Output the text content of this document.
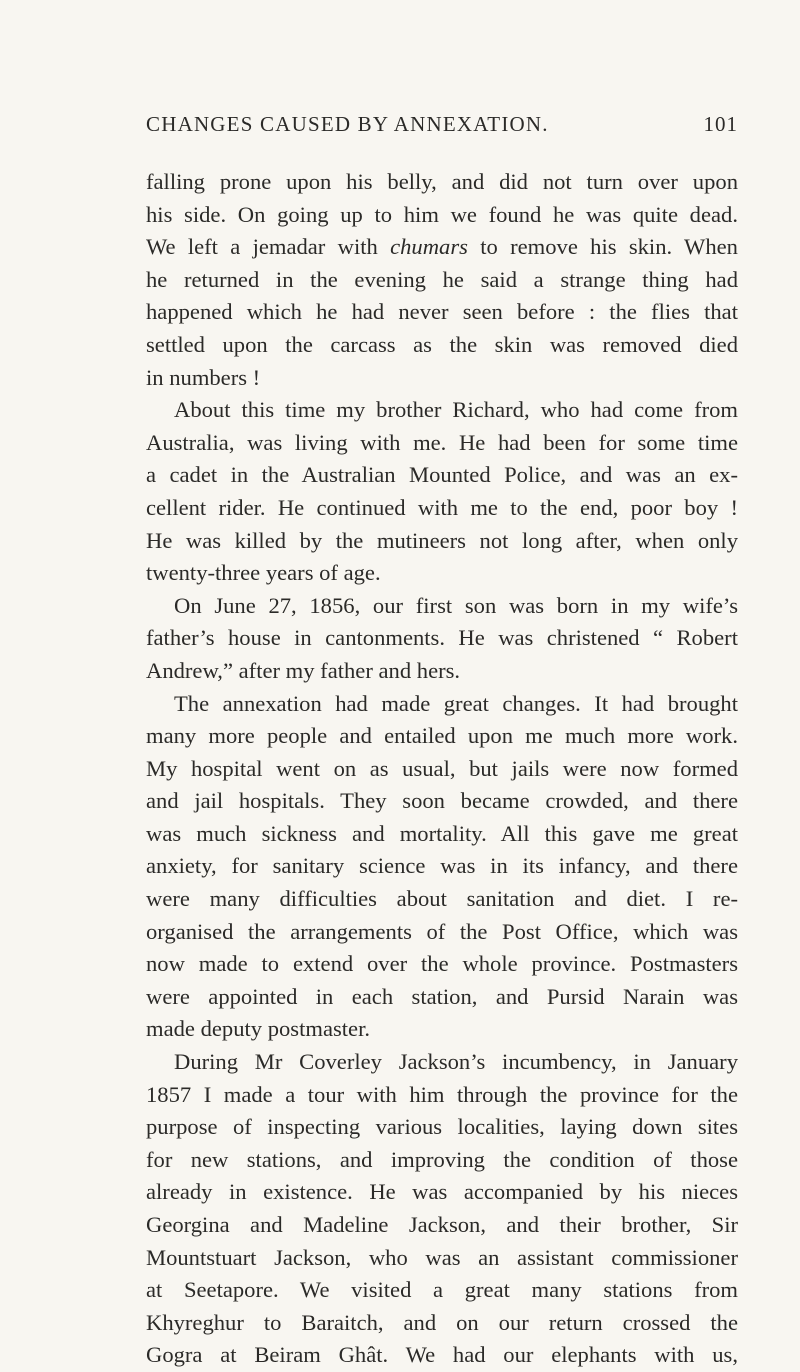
CHANGES CAUSED BY ANNEXATION.	101
falling prone upon his belly, and did not turn over upon
his side. On going up to him we found he was quite dead.
We left a jemadar with chumars to remove his skin. When
he returned in the evening he said a strange thing had
happened which he had never seen before : the flies that
settled upon the carcass as the skin was removed died
in numbers !
About this time my brother Richard, who had come from
Australia, was living with me. He had been for some time
a cadet in the Australian Mounted Police, and was an ex-
cellent rider. He continued with me to the end, poor boy !
He was killed by the mutineers not long after, when only
twenty-three years of age.
On June 27, 1856, our first son was born in my wife’s
father’s house in cantonments. He was christened “ Robert
Andrew,” after my father and hers.
The annexation had made great changes. It had brought
many more people and entailed upon me much more work.
My hospital went on as usual, but jails were now formed
and jail hospitals. They soon became crowded, and there
was much sickness and mortality. All this gave me great
anxiety, for sanitary science was in its infancy, and there
were many difficulties about sanitation and diet. I re-
organised the arrangements of the Post Office, which was
now made to extend over the whole province. Postmasters
were appointed in each station, and Pursid Narain was
made deputy postmaster.
During Mr Coverley Jackson’s incumbency, in January
1857 I made a tour with him through the province for the
purpose of inspecting various localities, laying down sites
for new stations, and improving the condition of those
already in existence. He was accompanied by his nieces
Georgina and Madeline Jackson, and their brother, Sir
Mountstuart Jackson, who was an assistant commissioner
at Seetapore. We visited a great many stations from
Khyreghur to Baraitch, and on our return crossed the
Gogra at Beiram Ghât. We had our elephants with us,
